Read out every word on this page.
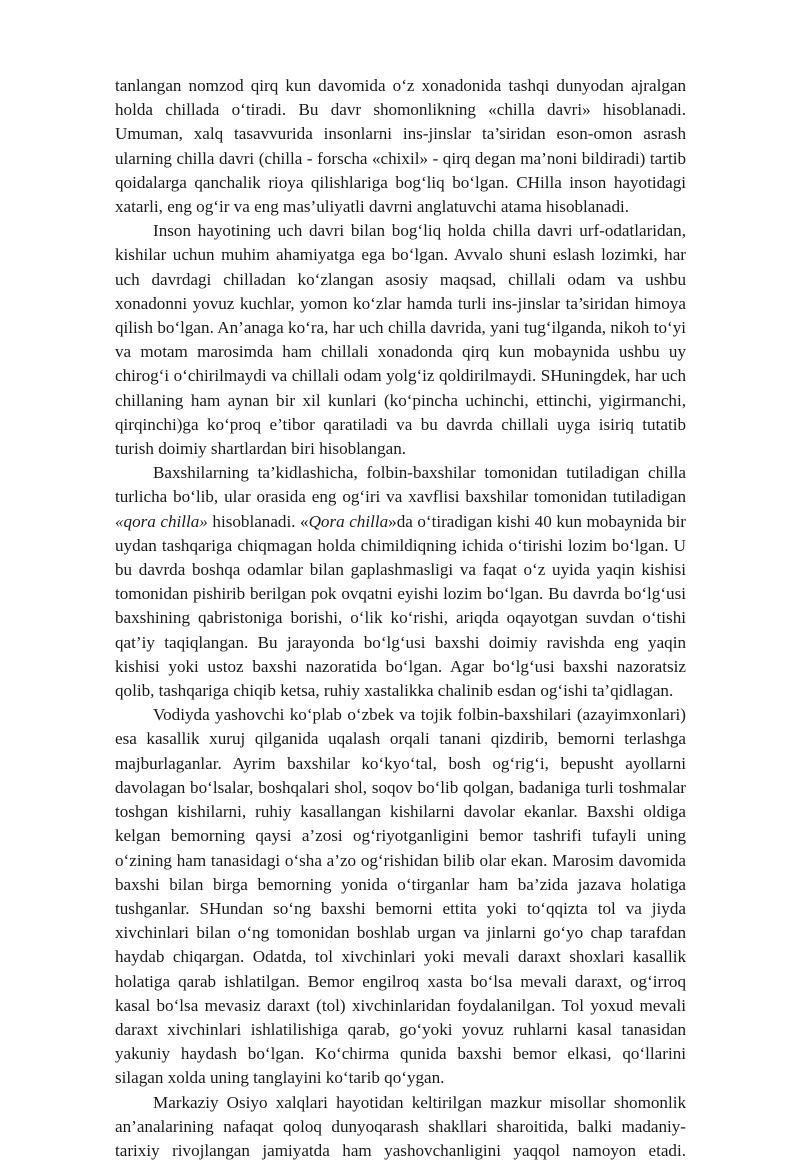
tanlangan nomzod qirq kun davomida o‘z xonadonida tashqi dunyodan ajralgan holda chillada o‘tiradi. Bu davr shomonlikning «chilla davri» hisoblanadi. Umuman, xalq tasavvurida insonlarni ins-jinslar ta’siridan eson-omon asrash ularning chilla davri (chilla - forscha «chixil» - qirq degan ma’noni bildiradi) tartib qoidalarga qanchalik rioya qilishlariga bog‘liq bo‘lgan. CHilla inson hayotidagi xatarli, eng og‘ir va eng mas’uliyatli davrni anglatuvchi atama hisoblanadi.

Inson hayotining uch davri bilan bog‘liq holda chilla davri urf-odatlaridan, kishilar uchun muhim ahamiyatga ega bo‘lgan. Avvalo shuni eslash lozimki, har uch davrdagi chilladan ko‘zlangan asosiy maqsad, chillali odam va ushbu xonadonni yovuz kuchlar, yomon ko‘zlar hamda turli ins-jinslar ta’siridan himoya qilish bo‘lgan. An’anaga ko‘ra, har uch chilla davrida, yani tug‘ilganda, nikoh to‘yi va motam marosimda ham chillali xonadonda qirq kun mobaynida ushbu uy chirog‘i o‘chirilmaydi va chillali odam yolg‘iz qoldirilmaydi. SHuningdek, har uch chillaning ham aynan bir xil kunlari (ko‘pincha uchinchi, ettinchi, yigirmanchi, qirqinchi)ga ko‘proq e’tibor qaratiladi va bu davrda chillali uyga isiriq tutatib turish doimiy shartlardan biri hisoblangan.

Baxshilarning ta’kidlashicha, folbin-baxshilar tomonidan tutiladigan chilla turlicha bo‘lib, ular orasida eng og‘iri va xavflisi baxshilar tomonidan tutiladigan «qora chilla» hisoblanadi. «Qora chilla»da o‘tiradigan kishi 40 kun mobaynida bir uydan tashqariga chiqmagan holda chimildiqning ichida o‘tirishi lozim bo‘lgan. U bu davrda boshqa odamlar bilan gaplashmasligi va faqat o‘z uyida yaqin kishisi tomonidan pishirib berilgan pok ovqatni eyishi lozim bo‘lgan. Bu davrda bo‘lg‘usi baxshining qabristoniga borishi, o‘lik ko‘rishi, ariqda oqayotgan suvdan o‘tishi qat’iy taqiqlangan. Bu jarayonda bo‘lg‘usi baxshi doimiy ravishda eng yaqin kishisi yoki ustoz baxshi nazoratida bo‘lgan. Agar bo‘lg‘usi baxshi nazoratsiz qolib, tashqariga chiqib ketsa, ruhiy xastalikka chalinib esdan og‘ishi ta’qidlagan.

Vodiyda yashovchi ko‘plab o‘zbek va tojik folbin-baxshilari (azayimxonlari) esa kasallik xuruj qilganida uqalash orqali tanani qizdirib, bemorni terlashga majburlaganlar. Ayrim baxshilar ko‘kyo‘tal, bosh og‘rig‘i, bepusht ayollarni davolagan bo‘lsalar, boshqalari shol, soqov bo‘lib qolgan, badaniga turli toshmalar toshgan kishilarni, ruhiy kasallangan kishilarni davolar ekanlar. Baxshi oldiga kelgan bemorning qaysi a’zosi og‘riyotganligini bemor tashrifi tufayli uning o‘zining ham tanasidagi o‘sha a’zo og‘rishidan bilib olar ekan. Marosim davomida baxshi bilan birga bemorning yonida o‘tirganlar ham ba’zida jazava holatiga tushganlar. SHundan so‘ng baxshi bemorni ettita yoki to‘qqizta tol va jiyda xivchinlari bilan o‘ng tomonidan boshlab urgan va jinlarni go‘yo chap tarafdan haydab chiqargan. Odatda, tol xivchinlari yoki mevali daraxt shoxlari kasallik holatiga qarab ishlatilgan. Bemor engilroq xasta bo‘lsa mevali daraxt, og‘irroq kasal bo‘lsa mevasiz daraxt (tol) xivchinlaridan foydalanilgan. Tol yoxud mevali daraxt xivchinlari ishlatilishiga qarab, go‘yoki yovuz ruhlarni kasal tanasidan yakuniy haydash bo‘lgan. Ko‘chirma qunida baxshi bemor elkasi, qo‘llarini silagan xolda uning tanglayini ko‘tarib qo‘ygan.

Markaziy Osiyo xalqlari hayotidan keltirilgan mazkur misollar shomonlik an’analarining nafaqat qoloq dunyoqarash shakllari sharoitida, balki madaniy-tarixiy rivojlangan jamiyatda ham yashovchanligini yaqqol namoyon etadi.
